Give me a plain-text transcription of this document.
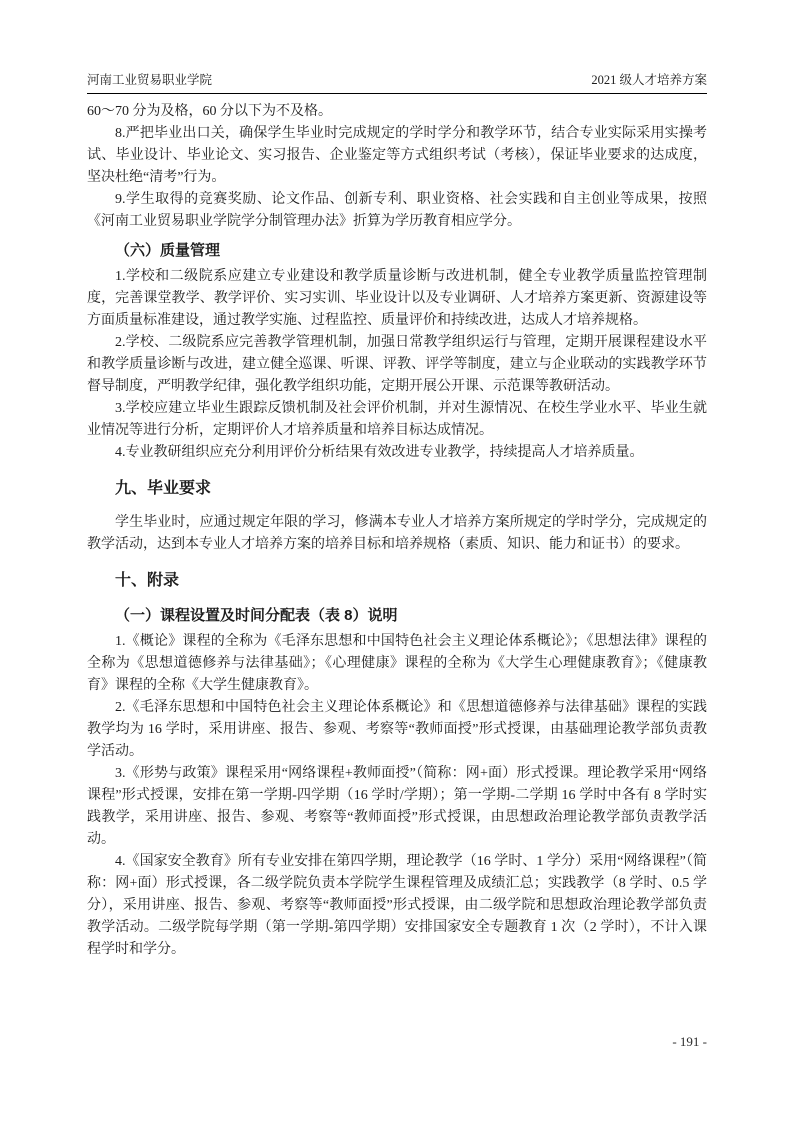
河南工业贸易职业学院	2021 级人才培养方案

60～70 分为及格，60 分以下为不及格。

8.严把毕业出口关，确保学生毕业时完成规定的学时学分和教学环节，结合专业实际采用实操考试、毕业设计、毕业论文、实习报告、企业鉴定等方式组织考试（考核），保证毕业要求的达成度，坚决杜绝“清考”行为。

9.学生取得的竞赛奖励、论文作品、创新专利、职业资格、社会实践和自主创业等成果，按照《河南工业贸易职业学院学分制管理办法》折算为学历教育相应学分。

（六）质量管理

1.学校和二级院系应建立专业建设和教学质量诊断与改进机制，健全专业教学质量监控管理制度，完善课堂教学、教学评价、实习实训、毕业设计以及专业调研、人才培养方案更新、资源建设等方面质量标准建设，通过教学实施、过程监控、质量评价和持续改进，达成人才培养规格。

2.学校、二级院系应完善教学管理机制，加强日常教学组织运行与管理，定期开展课程建设水平和教学质量诊断与改进，建立健全巡课、听课、评教、评学等制度，建立与企业联动的实践教学环节督导制度，严明教学纪律，强化教学组织功能，定期开展公开课、示范课等教研活动。

3.学校应建立毕业生跟踪反馈机制及社会评价机制，并对生源情况、在校生学业水平、毕业生就业情况等进行分析，定期评价人才培养质量和培养目标达成情况。

4.专业教研组织应充分利用评价分析结果有效改进专业教学，持续提高人才培养质量。

九、毕业要求

学生毕业时，应通过规定年限的学习，修满本专业人才培养方案所规定的学时学分，完成规定的教学活动，达到本专业人才培养方案的培养目标和培养规格（素质、知识、能力和证书）的要求。

十、附录

（一）课程设置及时间分配表（表 8）说明

1.《概论》课程的全称为《毛泽东思想和中国特色社会主义理论体系概论》；《思想法律》课程的全称为《思想道德修养与法律基础》；《心理健康》课程的全称为《大学生心理健康教育》；《健康教育》课程的全称《大学生健康教育》。

2.《毛泽东思想和中国特色社会主义理论体系概论》和《思想道德修养与法律基础》课程的实践教学均为 16 学时，采用讲座、报告、参观、考察等“教师面授”形式授课，由基础理论教学部负责教学活动。

3.《形势与政策》课程采用“网络课程+教师面授”（简称：网+面）形式授课。理论教学采用“网络课程”形式授课，安排在第一学期-四学期（16 学时/学期）；第一学期-二学期 16 学时中各有 8 学时实践教学，采用讲座、报告、参观、考察等“教师面授”形式授课，由思想政治理论教学部负责教学活动。

4.《国家安全教育》所有专业安排在第四学期，理论教学（16 学时、1 学分）采用“网络课程”（简称：网+面）形式授课，各二级学院负责本学院学生课程管理及成绩汇总；实践教学（8 学时、0.5 学分），采用讲座、报告、参观、考察等“教师面授”形式授课，由二级学院和思想政治理论教学部负责教学活动。二级学院每学期（第一学期-第四学期）安排国家安全专题教育 1 次（2 学时），不计入课程学时和学分。

- 191 -
